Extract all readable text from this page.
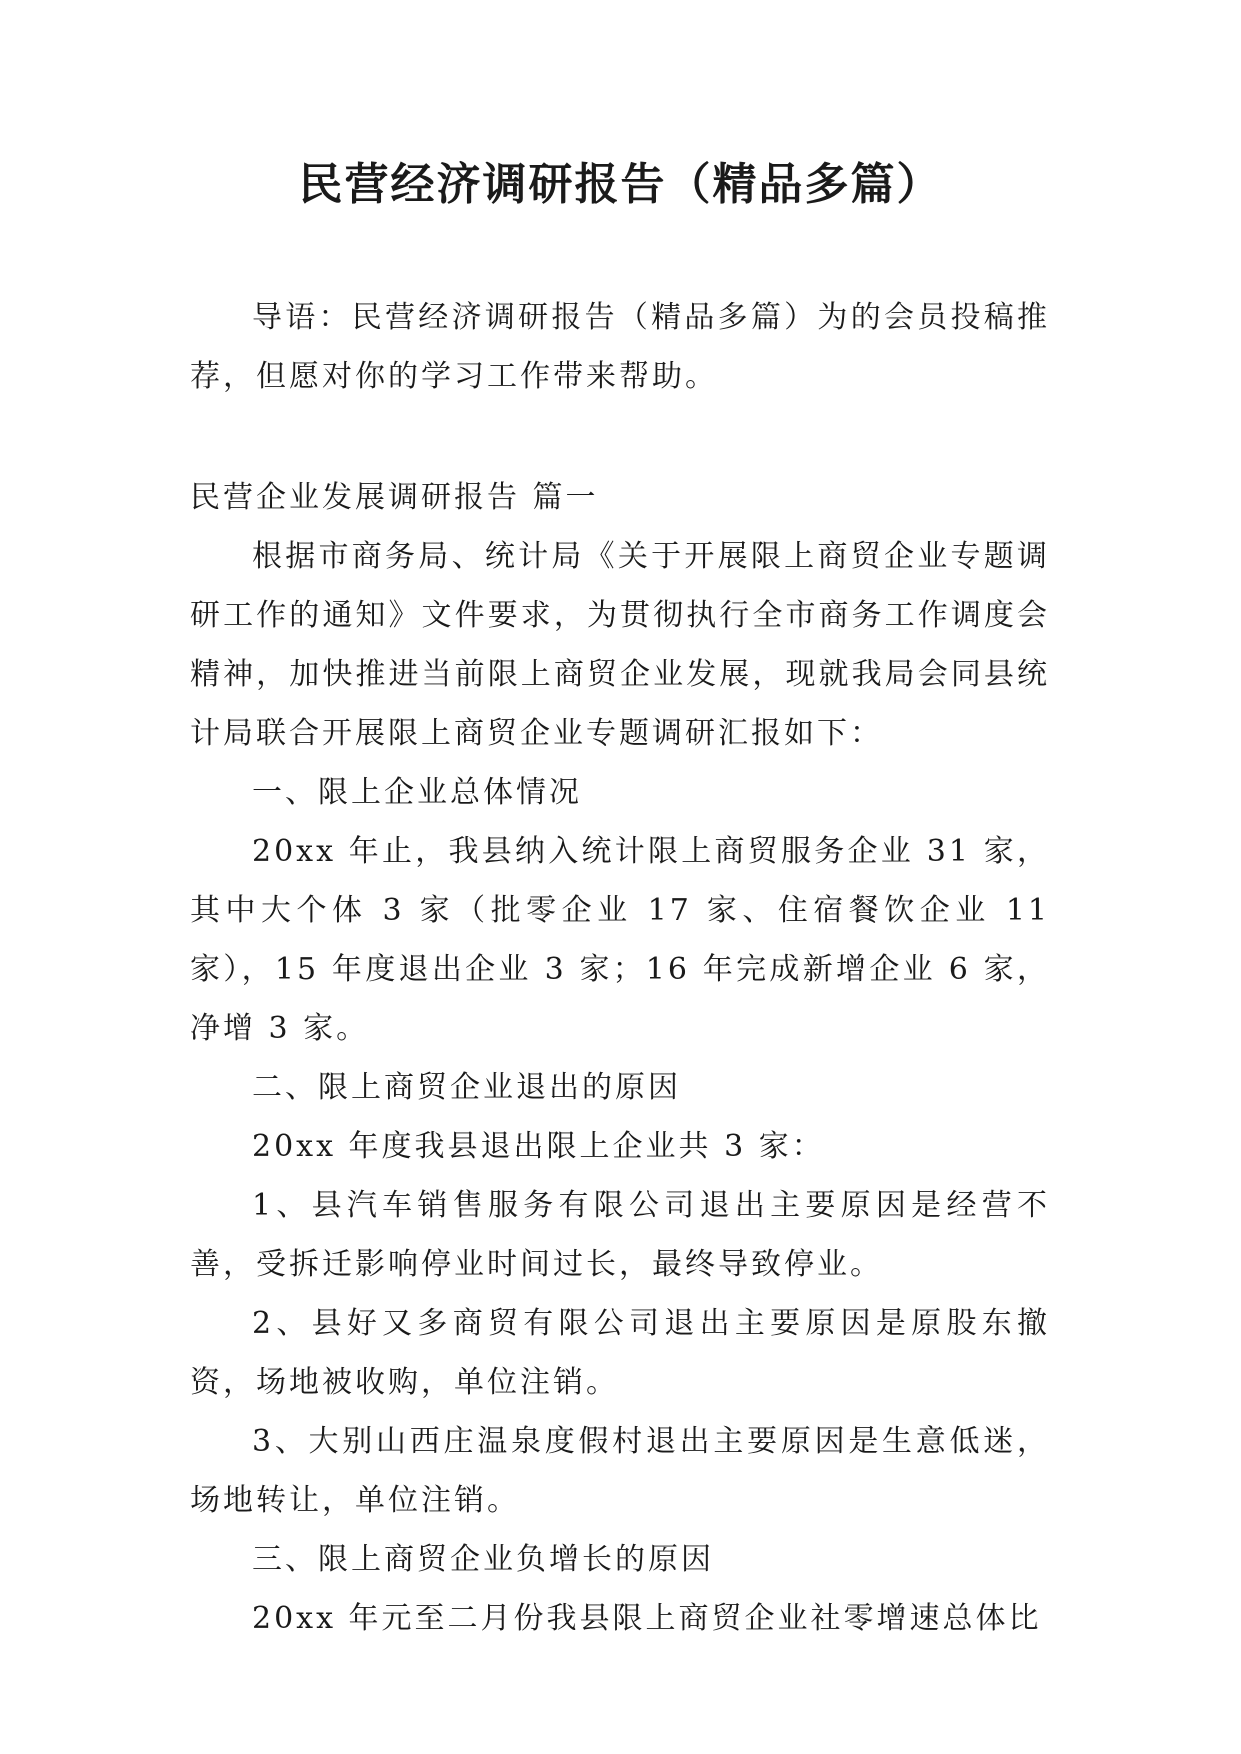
民营经济调研报告（精品多篇）

导语：民营经济调研报告（精品多篇）为的会员投稿推荐，但愿对你的学习工作带来帮助。

民营企业发展调研报告 篇一

根据市商务局、统计局《关于开展限上商贸企业专题调研工作的通知》文件要求，为贯彻执行全市商务工作调度会精神，加快推进当前限上商贸企业发展，现就我局会同县统计局联合开展限上商贸企业专题调研汇报如下：

一、限上企业总体情况

20xx 年止，我县纳入统计限上商贸服务企业 31 家，其中大个体 3 家（批零企业 17 家、住宿餐饮企业 11 家），15 年度退出企业 3 家；16 年完成新增企业 6 家，净增 3 家。

二、限上商贸企业退出的原因

20xx 年度我县退出限上企业共 3 家：

1、县汽车销售服务有限公司退出主要原因是经营不善，受拆迁影响停业时间过长，最终导致停业。

2、县好又多商贸有限公司退出主要原因是原股东撤资，场地被收购，单位注销。

3、大别山西庄温泉度假村退出主要原因是生意低迷，场地转让，单位注销。

三、限上商贸企业负增长的原因

20xx 年元至二月份我县限上商贸企业社零增速总体比
